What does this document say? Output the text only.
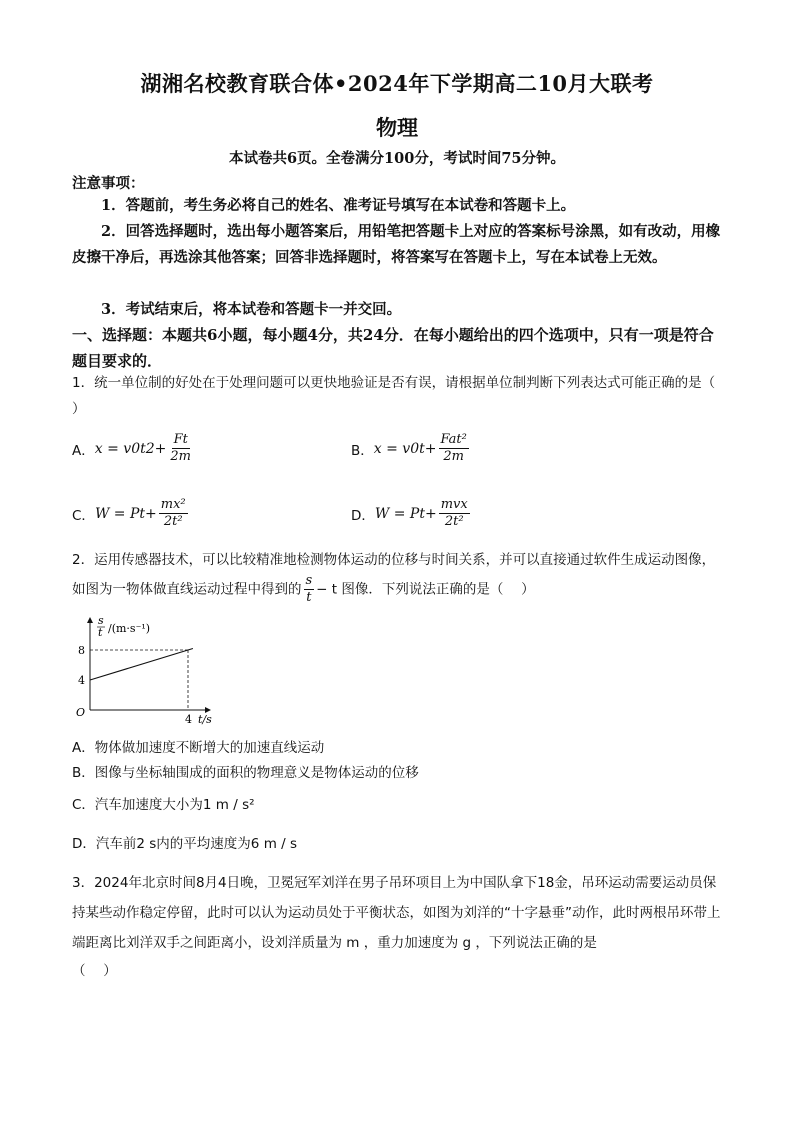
湖湘名校教育联合体•2024年下学期高二10月大联考
物理
本试卷共6页。全卷满分100分，考试时间75分钟。
注意事项：
1．答题前，考生务必将自己的姓名、准考证号填写在本试卷和答题卡上。
2．回答选择题时，选出每小题答案后，用铅笔把答题卡上对应的答案标号涂黑，如有改动，用橡皮擦干净后，再选涂其他答案；回答非选择题时，将答案写在答题卡上，写在本试卷上无效。
3．考试结束后，将本试卷和答题卡一并交回。
一、选择题：本题共6小题，每小题4分，共24分．在每小题给出的四个选项中，只有一项是符合题目要求的．
1．统一单位制的好处在于处理问题可以更快地验证是否有误，请根据单位制判断下列表达式可能正确的是（　 ）
A． x = v 0 t $2 + \frac{Ft}{2m}$	B． x = v 0 $t + \frac{\text{Fat²}}{2m}$
C． $W = Pt + \frac{\text{mx²}}{\text{2t²}}$	D． $W = Pt + \frac{\text{mvx}}{\text{2t²}}$
2．运用传感器技术，可以比较精准地检测物体运动的位移与时间关系，并可以直接通过软件生成运动图像，如图为一物体做直线运动过程中得到的 $\frac{s}{t} - t$ 图像．下列说法正确的是（　 ）
s
t /(m·s⁻¹)
8
4
O
4 t/s
A．物体做加速度不断增大的加速直线运动
B．图像与坐标轴围成的面积的物理意义是物体运动的位移
C．汽车加速度大小为1 m / s²
D．汽车前2 s内的平均速度为6 m / s
3．2024年北京时间8月4日晚，卫冕冠军刘洋在男子吊环项目上为中国队拿下18金，吊环运动需要运动员保持某些动作稳定停留，此时可以认为运动员处于平衡状态，如图为刘洋的“十字悬垂”动作，此时两根吊环带上端距离比刘洋双手之间距离小，设刘洋质量为 m ，重力加速度为 g ，下列说法正确的是
（　 ）
